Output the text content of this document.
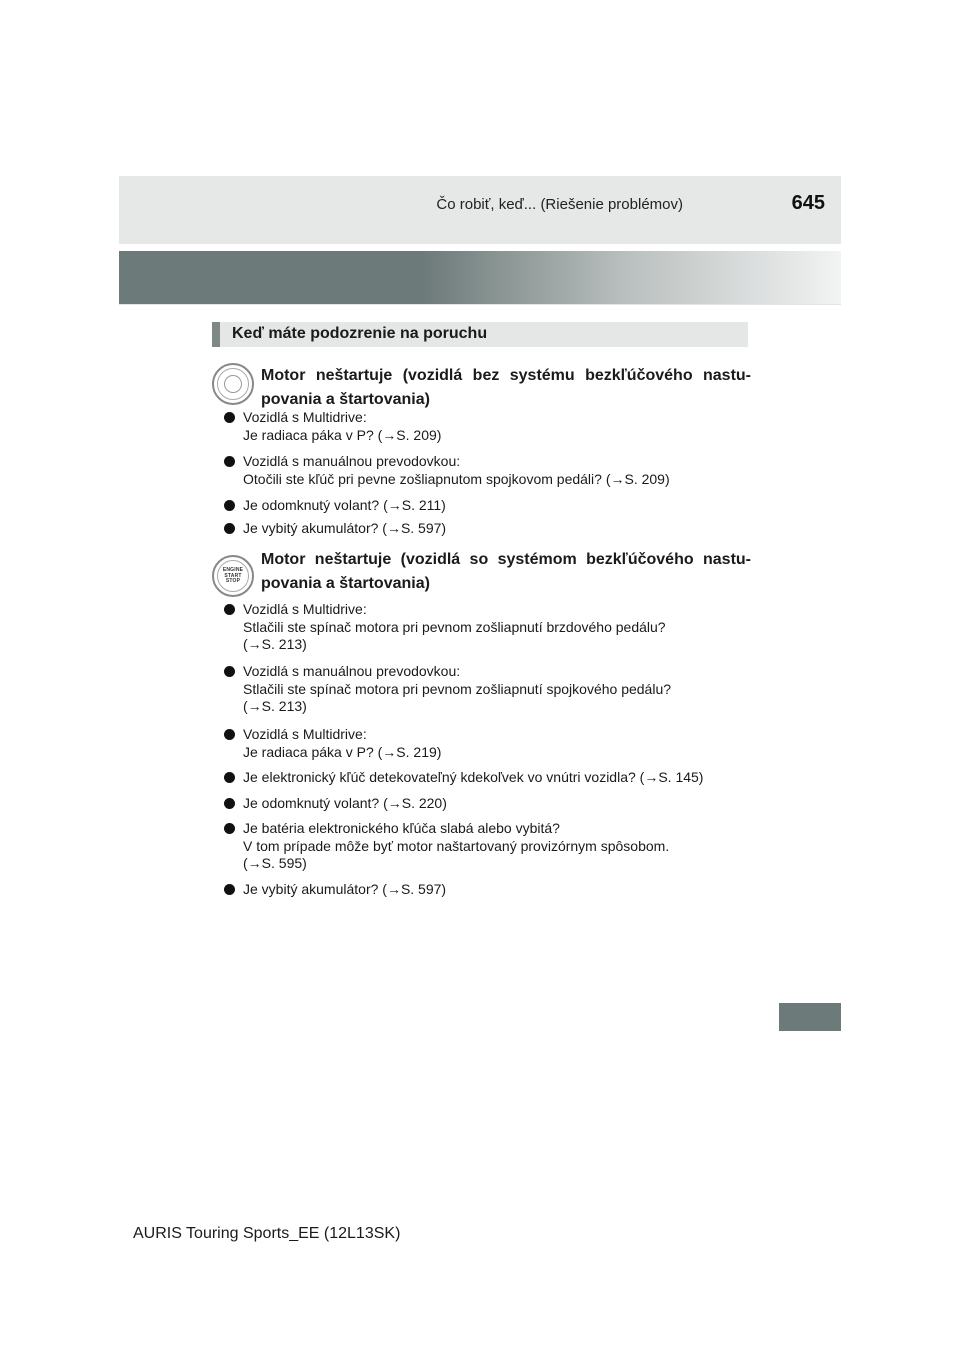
Čo robiť, keď... (Riešenie problémov)	645
Keď máte podozrenie na poruchu
Motor neštartuje (vozidlá bez systému bezkľúčového nastu-povania a štartovania)
Vozidlá s Multidrive:
Je radiaca páka v P? (→S. 209)
Vozidlá s manuálnou prevodovkou:
Otočili ste kľúč pri pevne zošliapnutom spojkovom pedáli? (→S. 209)
Je odomknutý volant? (→S. 211)
Je vybitý akumulátor? (→S. 597)
ENGINE
START
STOP
Motor neštartuje (vozidlá so systémom bezkľúčového nastu-povania a štartovania)
Vozidlá s Multidrive:
Stlačili ste spínač motora pri pevnom zošliapnutí brzdového pedálu?
(→S. 213)
Vozidlá s manuálnou prevodovkou:
Stlačili ste spínač motora pri pevnom zošliapnutí spojkového pedálu?
(→S. 213)
Vozidlá s Multidrive:
Je radiaca páka v P? (→S. 219)
Je elektronický kľúč detekovateľný kdekoľvek vo vnútri vozidla? (→S. 145)
Je odomknutý volant? (→S. 220)
Je batéria elektronického kľúča slabá alebo vybitá?
V tom prípade môže byť motor naštartovaný provizórnym spôsobom.
(→S. 595)
Je vybitý akumulátor? (→S. 597)
AURIS Touring Sports_EE (12L13SK)
